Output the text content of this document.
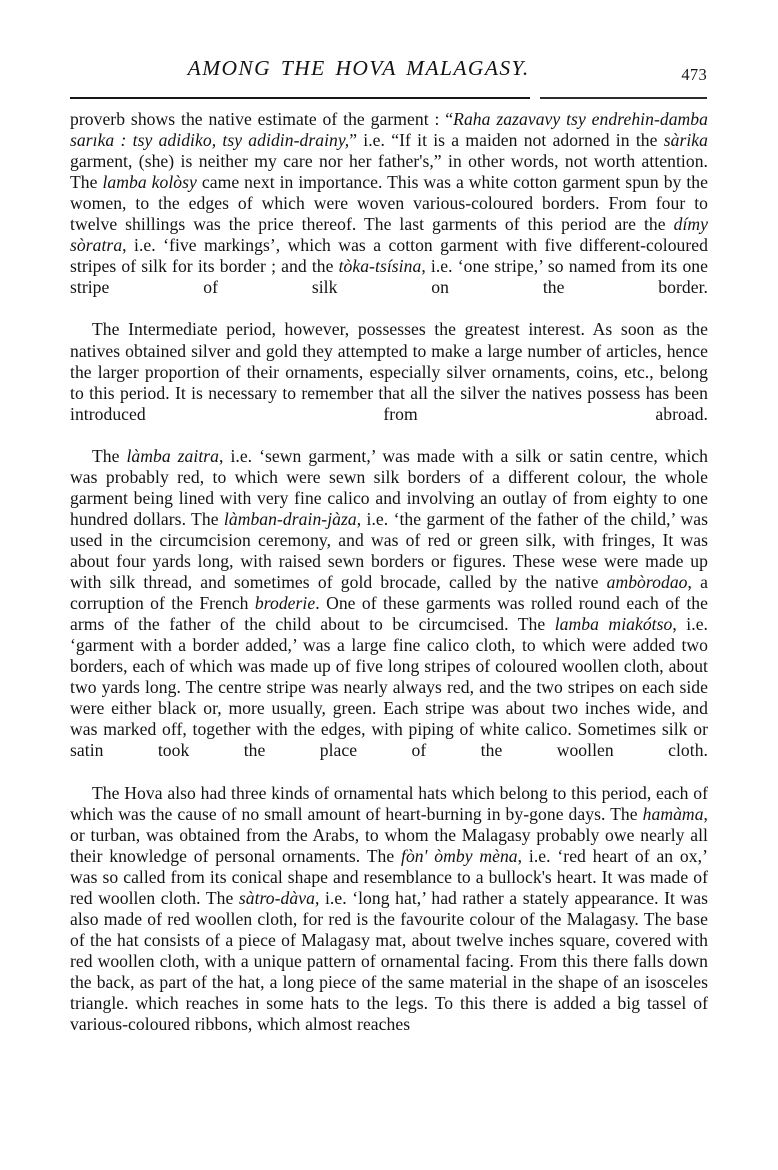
AMONG THE HOVA MALAGASY.	473

proverb shows the native estimate of the garment : “Raha zazavavy tsy endrehin-damba sarıka : tsy adidiko, tsy adidin-drainy,” i.e. “If it is a maiden not adorned in the sàrika garment, (she) is neither my care nor her father's,” in other words, not worth attention. The lamba kolòsy came next in importance. This was a white cotton garment spun by the women, to the edges of which were woven various-coloured borders. From four to twelve shillings was the price thereof. The last garments of this period are the dímy sòratra, i.e. ‘five markings’, which was a cotton garment with five different-coloured stripes of silk for its border ; and the tòka-tsísina, i.e. ‘one stripe,’ so named from its one stripe of silk on the border.

The Intermediate period, however, possesses the greatest interest. As soon as the natives obtained silver and gold they attempted to make a large number of articles, hence the larger proportion of their ornaments, especially silver ornaments, coins, etc., belong to this period. It is necessary to remember that all the silver the natives possess has been introduced from abroad.

The làmba zaitra, i.e. ‘sewn garment,’ was made with a silk or satin centre, which was probably red, to which were sewn silk borders of a different colour, the whole garment being lined with very fine calico and involving an outlay of from eighty to one hundred dollars. The làmban-drain-jàza, i.e. ‘the garment of the father of the child,’ was used in the circumcision ceremony, and was of red or green silk, with fringes, It was about four yards long, with raised sewn borders or figures. These wese were made up with silk thread, and sometimes of gold brocade, called by the native ambòrodao, a corruption of the French broderie. One of these garments was rolled round each of the arms of the father of the child about to be circumcised. The lamba miakótso, i.e. ‘garment with a border added,’ was a large fine calico cloth, to which were added two borders, each of which was made up of five long stripes of coloured woollen cloth, about two yards long. The centre stripe was nearly always red, and the two stripes on each side were either black or, more usually, green. Each stripe was about two inches wide, and was marked off, together with the edges, with piping of white calico. Sometimes silk or satin took the place of the woollen cloth.

The Hova also had three kinds of ornamental hats which belong to this period, each of which was the cause of no small amount of heart-burning in by-gone days. The hamàma, or turban, was obtained from the Arabs, to whom the Malagasy probably owe nearly all their knowledge of personal ornaments. The fòn' òmby mèna, i.e. ‘red heart of an ox,’ was so called from its conical shape and resemblance to a bullock's heart. It was made of red woollen cloth. The sàtro-dàva, i.e. ‘long hat,’ had rather a stately appearance. It was also made of red woollen cloth, for red is the favourite colour of the Malagasy. The base of the hat consists of a piece of Malagasy mat, about twelve inches square, covered with red woollen cloth, with a unique pattern of ornamental facing. From this there falls down the back, as part of the hat, a long piece of the same material in the shape of an isosceles triangle. which reaches in some hats to the legs. To this there is added a big tassel of various-coloured ribbons, which almost reaches
